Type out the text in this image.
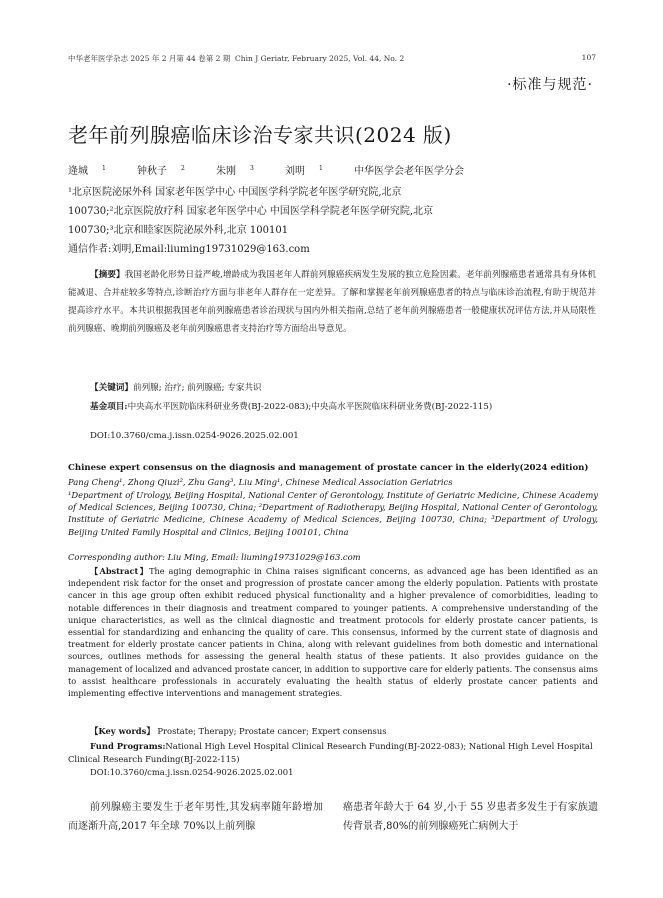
中华老年医学杂志 2025 年 2 月第 44 卷第 2 期 Chin J Geriatr, February 2025, Vol. 44, No. 2	107
·标准与规范·
老年前列腺癌临床诊治专家共识(2024 版)
逄城 $^1$	钟秋子 $^2$	朱刚 $^3$	刘明 $^1$	中华医学会老年医学分会
¹北京医院泌尿外科 国家老年医学中心 中国医学科学院老年医学研究院,北京
100730;²北京医院放疗科 国家老年医学中心 中国医学科学院老年医学研究院,北京
100730;³北京和睦家医院泌尿外科,北京 100101
通信作者:刘明,Email:liuming19731029@163.com
【摘要】我国老龄化形势日益严峻,增龄成为我国老年人群前列腺癌疾病发生发展的独立危险因素。老年前列腺癌患者通常具有身体机能减退、合并症较多等特点,诊断治疗方面与非老年人群存在一定差异。了解和掌握老年前列腺癌患者的特点与临床诊治流程,有助于规范并提高诊疗水平。本共识根据我国老年前列腺癌患者诊治现状与国内外相关指南,总结了老年前列腺癌患者一般健康状况评估方法,并从局限性前列腺癌、晚期前列腺癌及老年前列腺癌患者支持治疗等方面给出导意见。
【关键词】前列腺; 治疗; 前列腺癌; 专家共识
基金项目:中央高水平医院临床科研业务费(BJ-2022-083);中央高水平医院临床科研业务费(BJ-2022-115)
DOI:10.3760/cma.j.issn.0254-9026.2025.02.001
Chinese expert consensus on the diagnosis and management of prostate cancer in the elderly(2024 edition)
Pang Cheng¹, Zhong Qiuzi², Zhu Gang³, Liu Ming¹, Chinese Medical Association Geriatrics
¹Department of Urology, Beijing Hospital, National Center of Gerontology, Institute of Geriatric Medicine, Chinese Academy of Medical Sciences, Beijing 100730, China; ²Department of Radiotherapy, Beijing Hospital, National Center of Gerontology, Institute of Geriatric Medicine, Chinese Academy of Medical Sciences, Beijing 100730, China; ³Department of Urology, Beijing United Family Hospital and Clinics, Beijing 100101, China
Corresponding author: Liu Ming, Email: liuming19731029@163.com
【Abstract】The aging demographic in China raises significant concerns, as advanced age has been identified as an independent risk factor for the onset and progression of prostate cancer among the elderly population. Patients with prostate cancer in this age group often exhibit reduced physical functionality and a higher prevalence of comorbidities, leading to notable differences in their diagnosis and treatment compared to younger patients. A comprehensive understanding of the unique characteristics, as well as the clinical diagnostic and treatment protocols for elderly prostate cancer patients, is essential for standardizing and enhancing the quality of care. This consensus, informed by the current state of diagnosis and treatment for elderly prostate cancer patients in China, along with relevant guidelines from both domestic and international sources, outlines methods for assessing the general health status of these patients. It also provides guidance on the management of localized and advanced prostate cancer, in addition to supportive care for elderly patients. The consensus aims to assist healthcare professionals in accurately evaluating the health status of elderly prostate cancer patients and implementing effective interventions and management strategies.
【Key words】 Prostate; Therapy; Prostate cancer; Expert consensus
Fund Programs:National High Level Hospital Clinical Research Funding(BJ-2022-083); National High Level Hospital Clinical Research Funding(BJ-2022-115)
DOI:10.3760/cma.j.issn.0254-9026.2025.02.001
前列腺癌主要发生于老年男性,其发病率随年龄增加而逐渐升高,2017 年全球 70%以上前列腺
癌患者年龄大于 64 岁,小于 55 岁患者多发生于有家族遗传背景者,80%的前列腺癌死亡病例大于
